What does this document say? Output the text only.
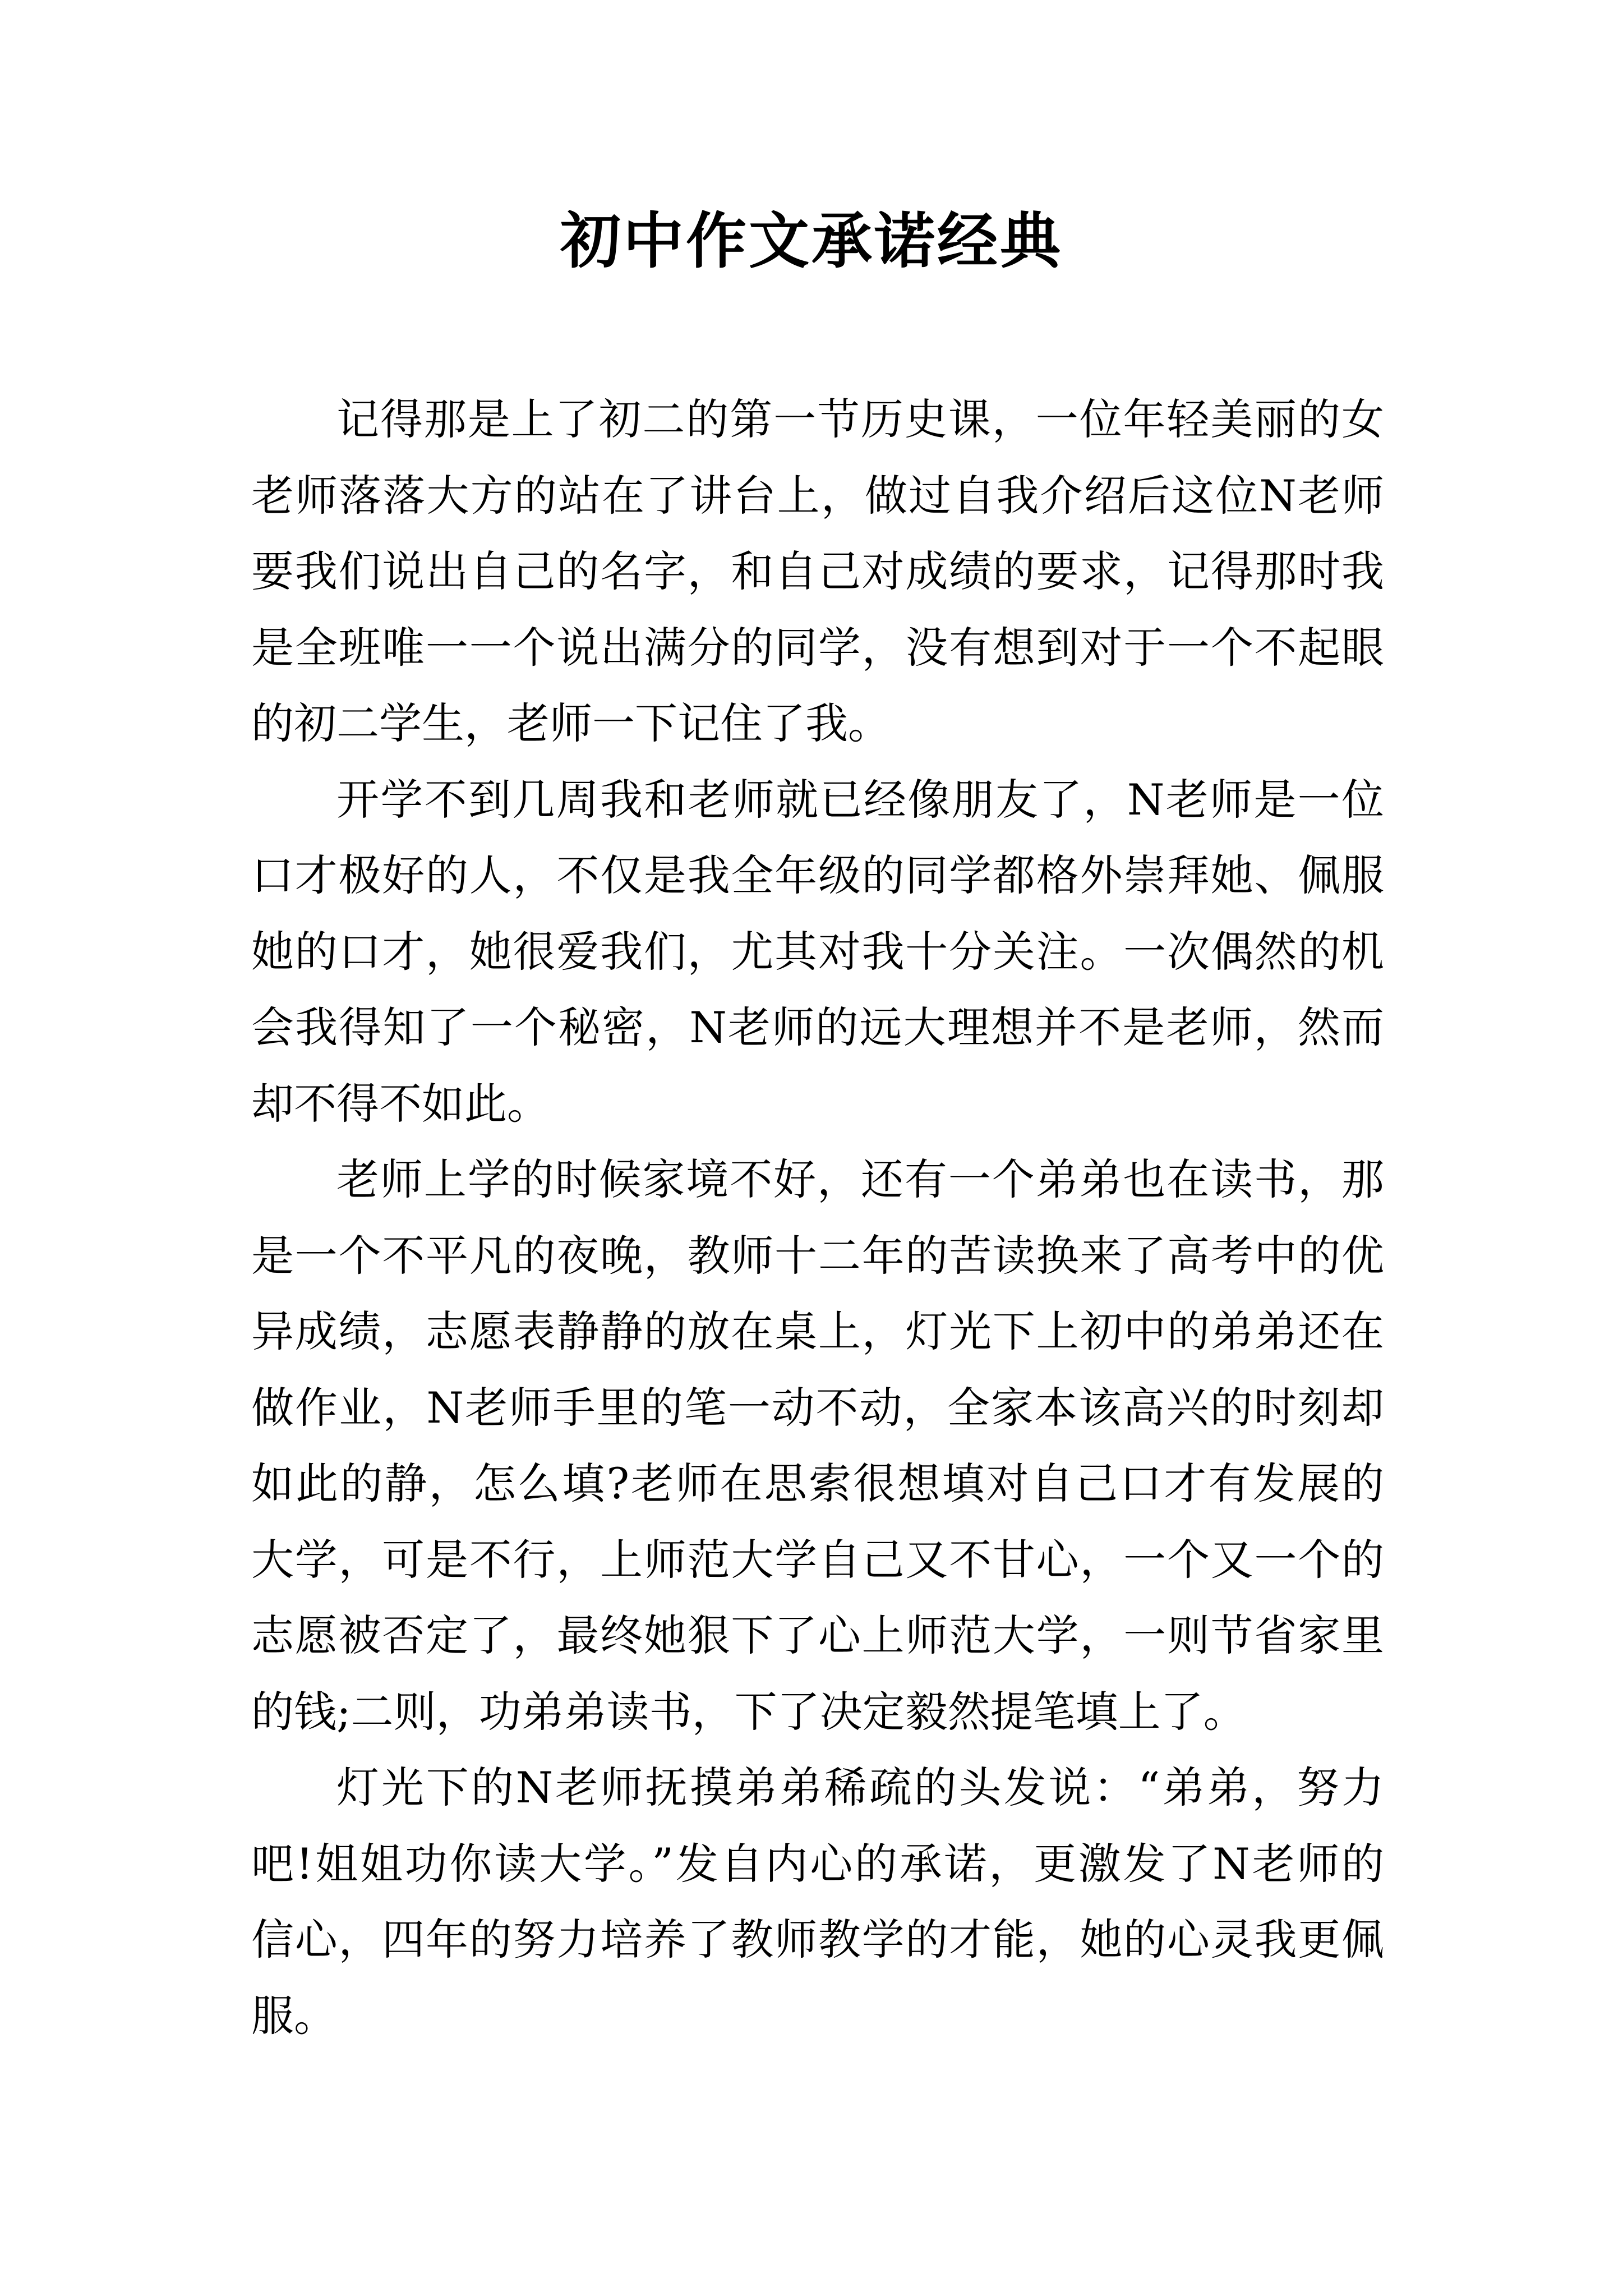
初中作文承诺经典
记得那是上了初二的第一节历史课，一位年轻美丽的女
老师落落大方的站在了讲台上，做过自我介绍后这位N老师
要我们说出自己的名字，和自己对成绩的要求，记得那时我
是全班唯一一个说出满分的同学，没有想到对于一个不起眼
的初二学生，老师一下记住了我。
开学不到几周我和老师就已经像朋友了，N老师是一位
口才极好的人，不仅是我全年级的同学都格外崇拜她、佩服
她的口才，她很爱我们，尤其对我十分关注。一次偶然的机
会我得知了一个秘密，N老师的远大理想并不是老师，然而
却不得不如此。
老师上学的时候家境不好，还有一个弟弟也在读书，那
是一个不平凡的夜晚，教师十二年的苦读换来了高考中的优
异成绩，志愿表静静的放在桌上，灯光下上初中的弟弟还在
做作业，N老师手里的笔一动不动，全家本该高兴的时刻却
如此的静，怎么填?老师在思索很想填对自己口才有发展的
大学，可是不行，上师范大学自己又不甘心，一个又一个的
志愿被否定了，最终她狠下了心上师范大学，一则节省家里
的钱;二则，功弟弟读书，下了决定毅然提笔填上了。
灯光下的N老师抚摸弟弟稀疏的头发说：“弟弟，努力
吧!姐姐功你读大学。”发自内心的承诺，更激发了N老师的
信心，四年的努力培养了教师教学的才能，她的心灵我更佩
服。
